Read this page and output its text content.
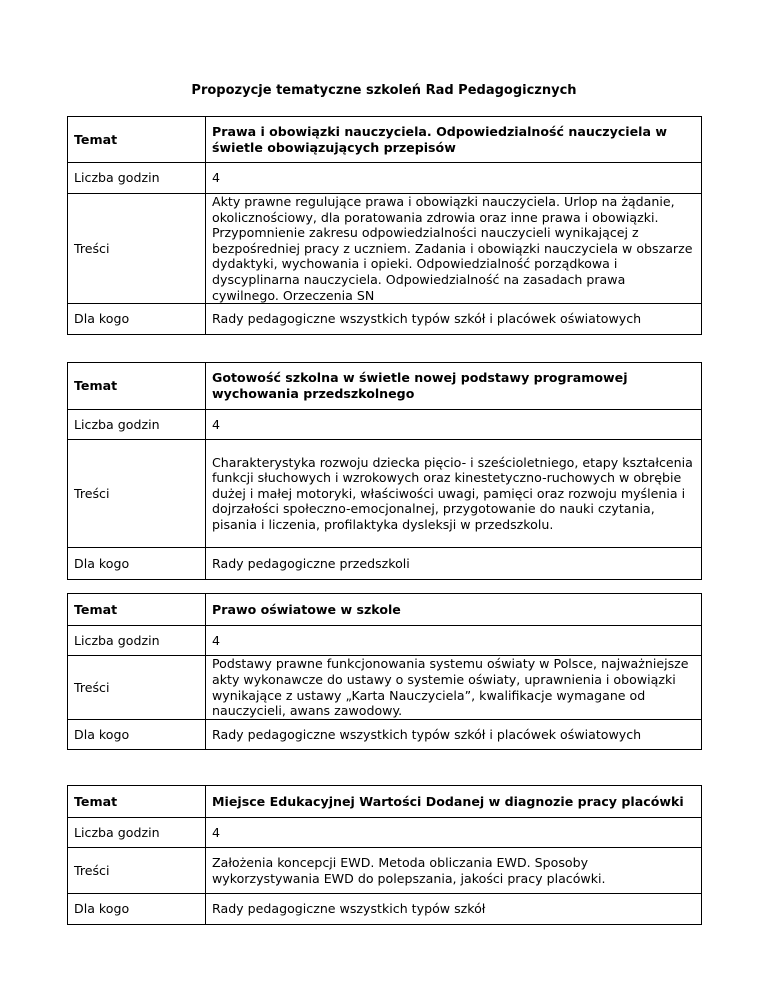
Propozycje tematyczne szkoleń Rad Pedagogicznych
Temat	Prawa i obowiązki nauczyciela. Odpowiedzialność nauczyciela w świetle obowiązujących przepisów
Liczba godzin	4
Treści	Akty prawne regulujące prawa i obowiązki nauczyciela. Urlop na żądanie, okolicznościowy, dla poratowania zdrowia oraz inne prawa i obowiązki. Przypomnienie zakresu odpowiedzialności nauczycieli wynikającej z bezpośredniej pracy z uczniem. Zadania i obowiązki nauczyciela w obszarze dydaktyki, wychowania i opieki. Odpowiedzialność porządkowa i dyscyplinarna nauczyciela. Odpowiedzialność na zasadach prawa cywilnego. Orzeczenia SN
Dla kogo	Rady pedagogiczne wszystkich typów szkół i placówek oświatowych
Temat	Gotowość szkolna w świetle nowej podstawy programowej wychowania przedszkolnego
Liczba godzin	4
Treści	Charakterystyka rozwoju dziecka pięcio- i sześcioletniego, etapy kształcenia funkcji słuchowych i wzrokowych oraz kinestetyczno-ruchowych w obrębie dużej i małej motoryki, właściwości uwagi, pamięci oraz rozwoju myślenia i dojrzałości społeczno-emocjonalnej, przygotowanie do nauki czytania, pisania i liczenia, profilaktyka dysleksji w przedszkolu.
Dla kogo	Rady pedagogiczne przedszkoli
Temat	Prawo oświatowe w szkole
Liczba godzin	4
Treści	Podstawy prawne funkcjonowania systemu oświaty w Polsce, najważniejsze akty wykonawcze do ustawy o systemie oświaty, uprawnienia i obowiązki wynikające z ustawy „Karta Nauczyciela”, kwalifikacje wymagane od nauczycieli, awans zawodowy.
Dla kogo	Rady pedagogiczne wszystkich typów szkół i placówek oświatowych
Temat	Miejsce Edukacyjnej Wartości Dodanej w diagnozie pracy placówki
Liczba godzin	4
Treści	Założenia koncepcji EWD. Metoda obliczania EWD. Sposoby wykorzystywania EWD do polepszania, jakości pracy placówki.
Dla kogo	Rady pedagogiczne wszystkich typów szkół
